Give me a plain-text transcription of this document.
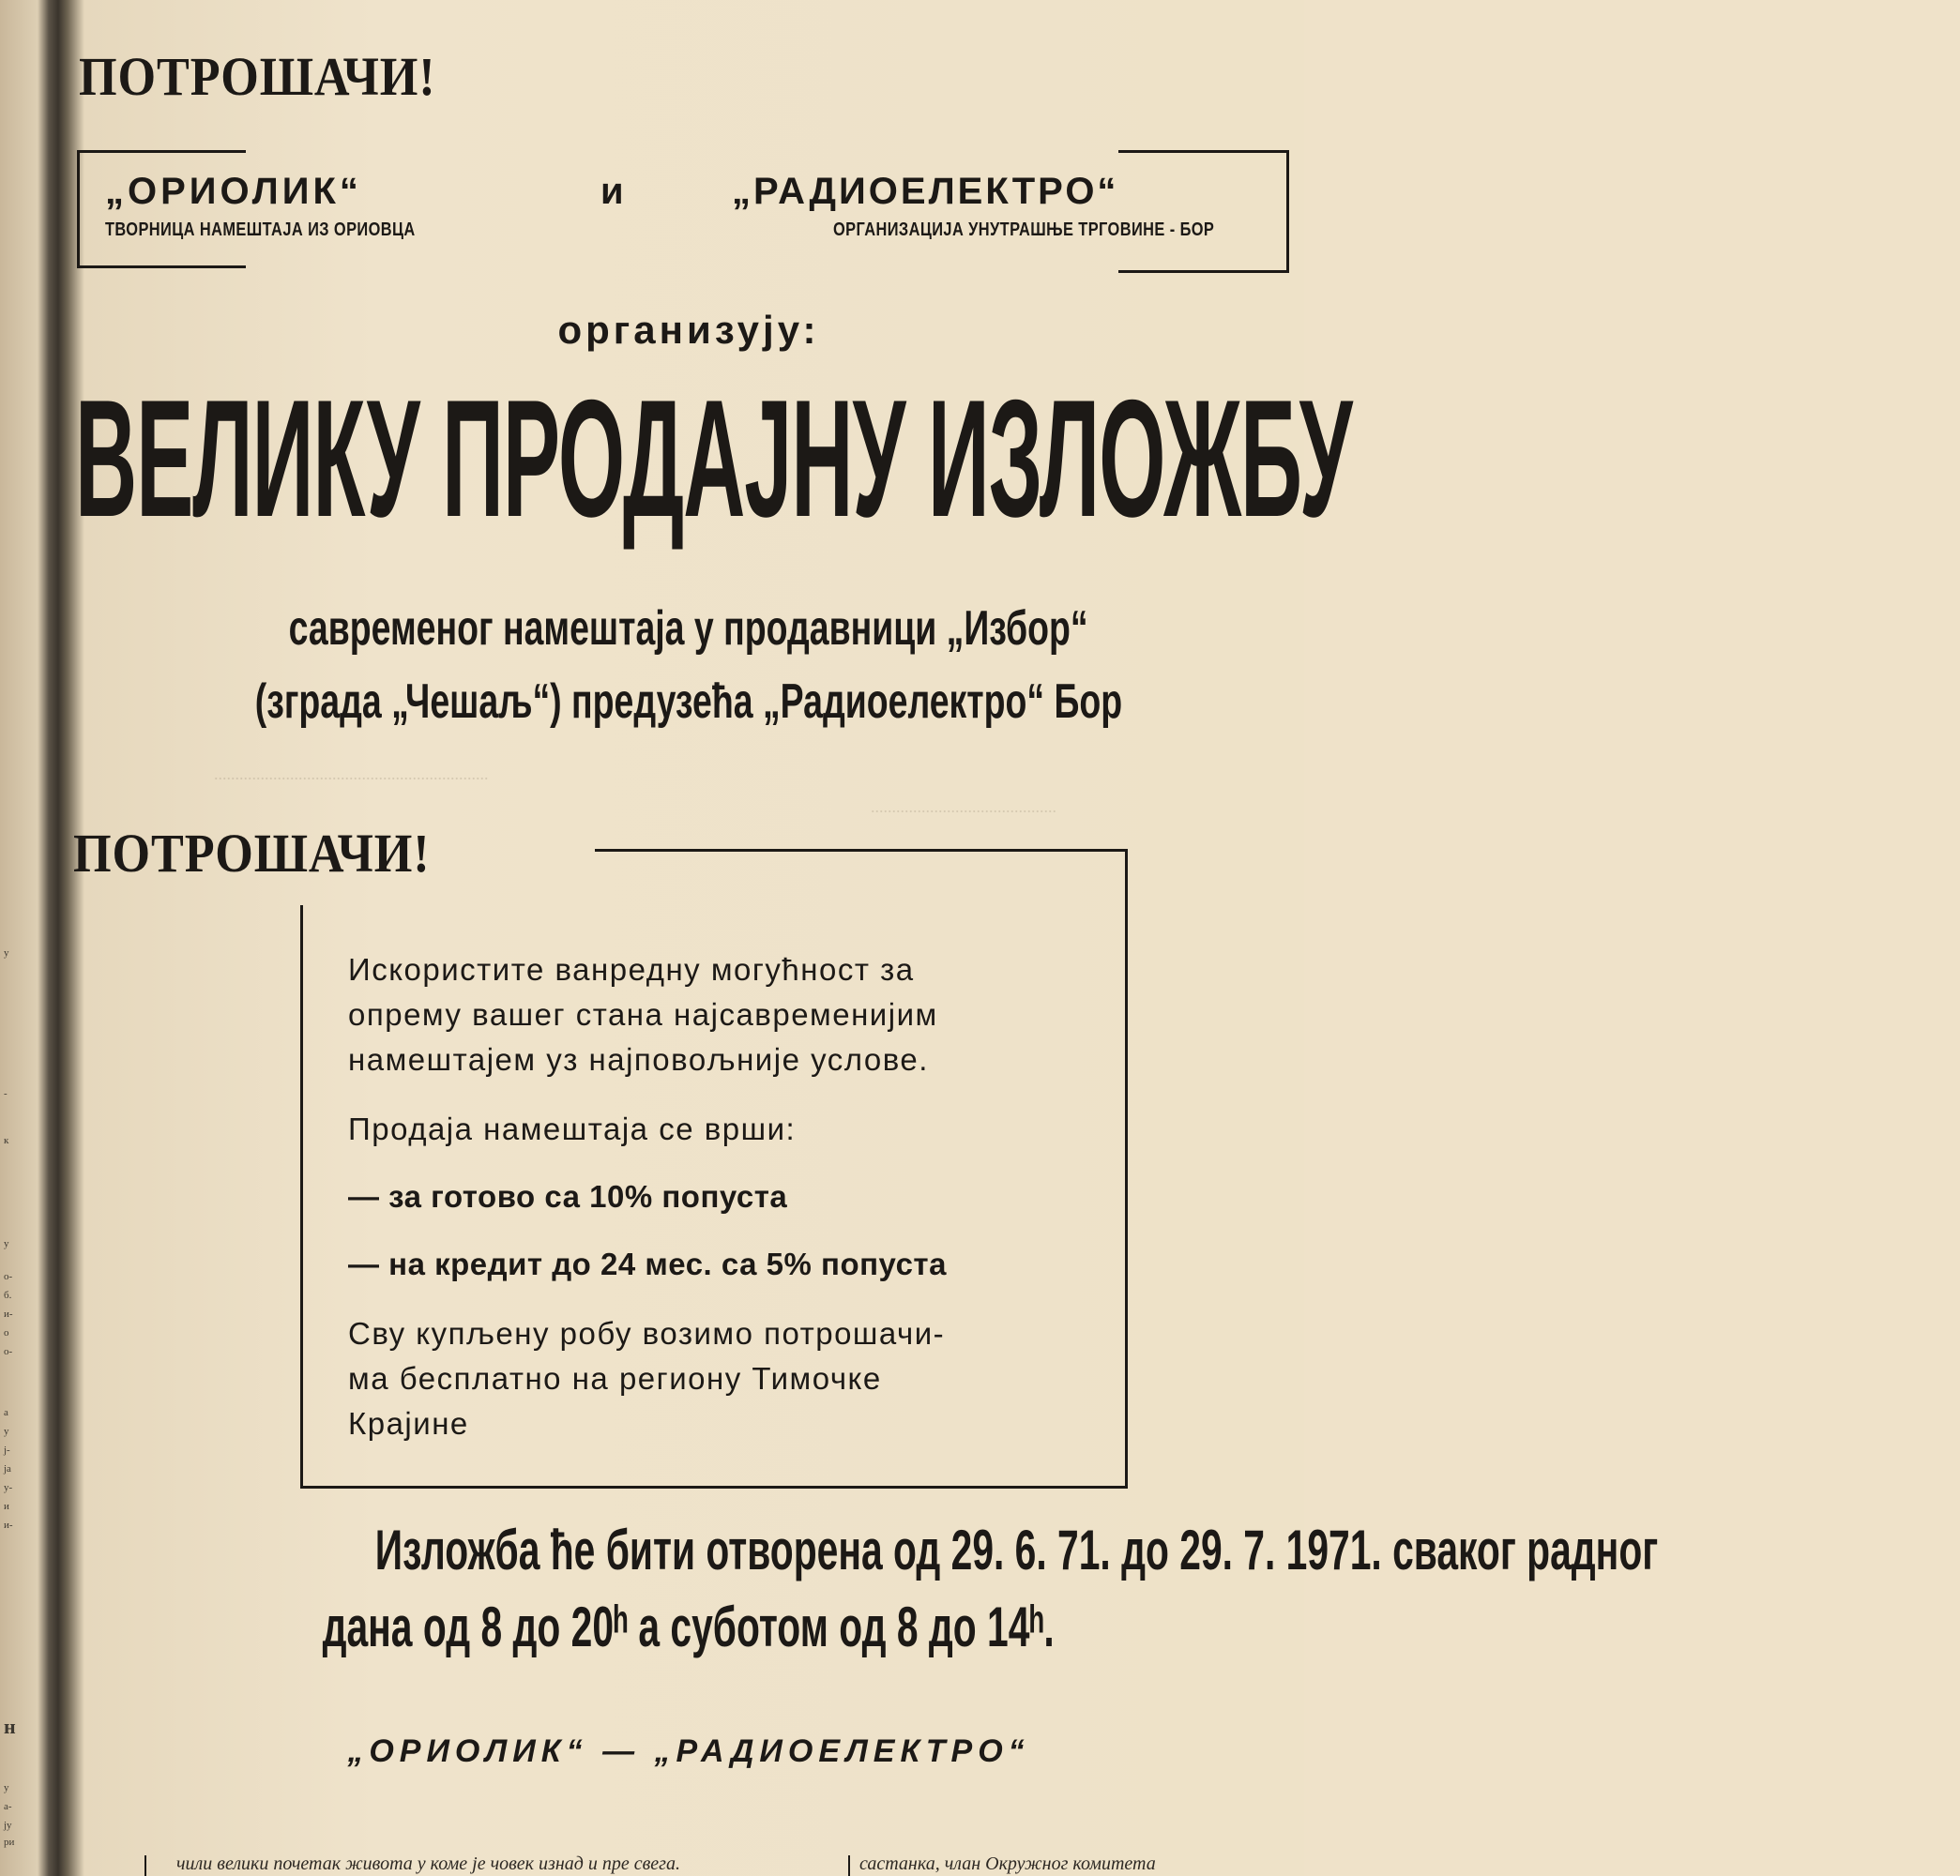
у
-
к
у
о-
б.
и-
о
о-
а
у
ј-
ја
у-
и
и-
н
у
а-
ју
ри
ПОТРОШАЧИ!
„ОРИОЛИК“
ТВОРНИЦА НАМЕШТАЈА ИЗ ОРИОВЦА
и	„РАДИОЕЛЕКТРО“
ОРГАНИЗАЦИЈА УНУТРАШЊЕ ТРГОВИНЕ - БОР
организују:
ВЕЛИКУ ПРОДАЈНУ ИЗЛОЖБУ
савременог намештаја у продавници „Избор“
(зграда „Чешаљ“) предузећа „Радиоелектро“ Бор
.................................................................
............................................
ПОТРОШАЧИ!
Искористите ванредну могућност за
опрему вашег стана најсавременијим
намештајем уз најповољније услове.
Продаја намештаја се врши:
— за готово са 10% попуста
— на кредит до 24 мес. са 5% попуста
Сву купљену робу возимо потрошачи-
ма бесплатно на региону Тимочке
Крајине
Изложба ће бити отворена од 29. 6. 71. до 29. 7. 1971. сваког радног
дана од 8 до 20ʰ а суботом од 8 до 14ʰ.
„ОРИОЛИК“ — „РАДИОЕЛЕКТРО“
чили велики почетак живота у коме је човек изнад и пре свега.	састанка, члан Окружног комитета
